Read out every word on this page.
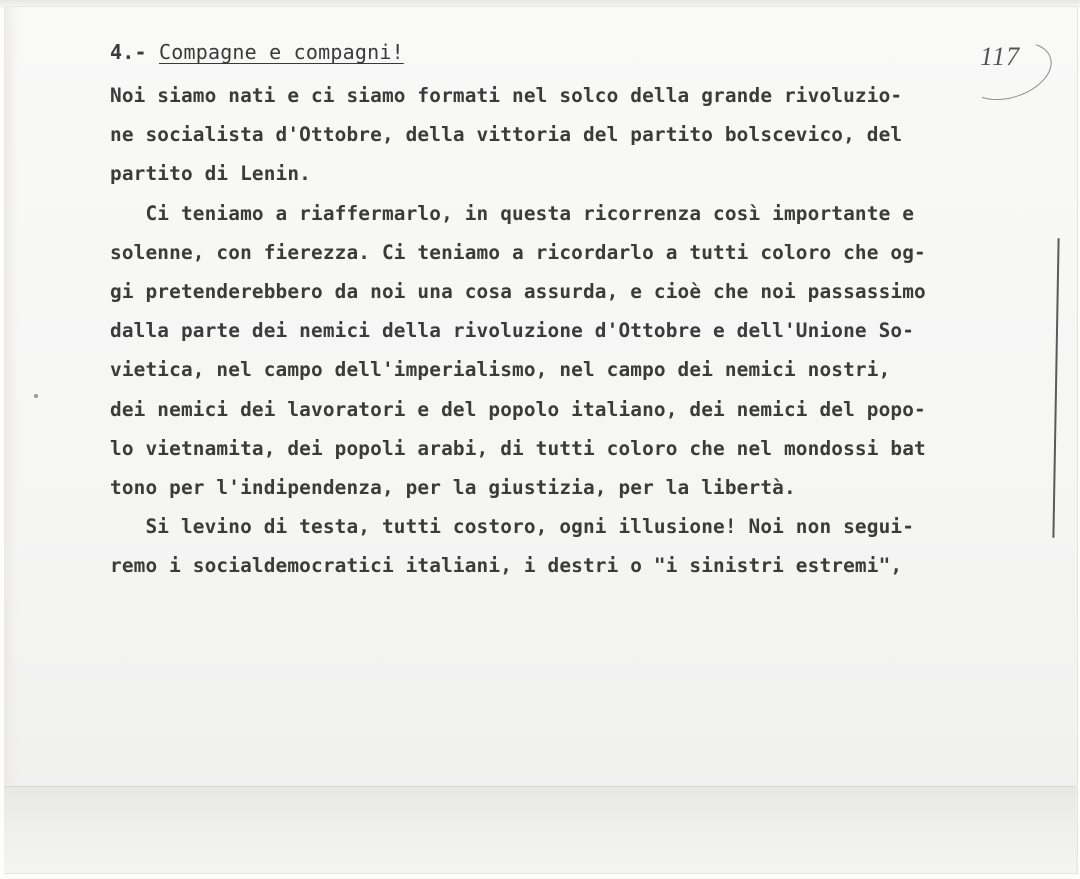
4.- Compagne e compagni!	117
Noi siamo nati e ci siamo formati nel solco della grande rivoluzio-
ne socialista d'Ottobre, della vittoria del partito bolscevico, del
partito di Lenin.
Ci teniamo a riaffermarlo, in questa ricorrenza così importante e
solenne, con fierezza. Ci teniamo a ricordarlo a tutti coloro che og-
gi pretenderebbero da noi una cosa assurda, e cioè che noi passassimo
dalla parte dei nemici della rivoluzione d'Ottobre e dell'Unione So-
vietica, nel campo dell'imperialismo, nel campo dei nemici nostri,
dei nemici dei lavoratori e del popolo italiano, dei nemici del popo-
lo vietnamita, dei popoli arabi, di tutti coloro che nel mondossi bat
tono per l'indipendenza, per la giustizia, per la libertà.
Si levino di testa, tutti costoro, ogni illusione! Noi non segui-
remo i socialdemocratici italiani, i destri o "i sinistri estremi",
